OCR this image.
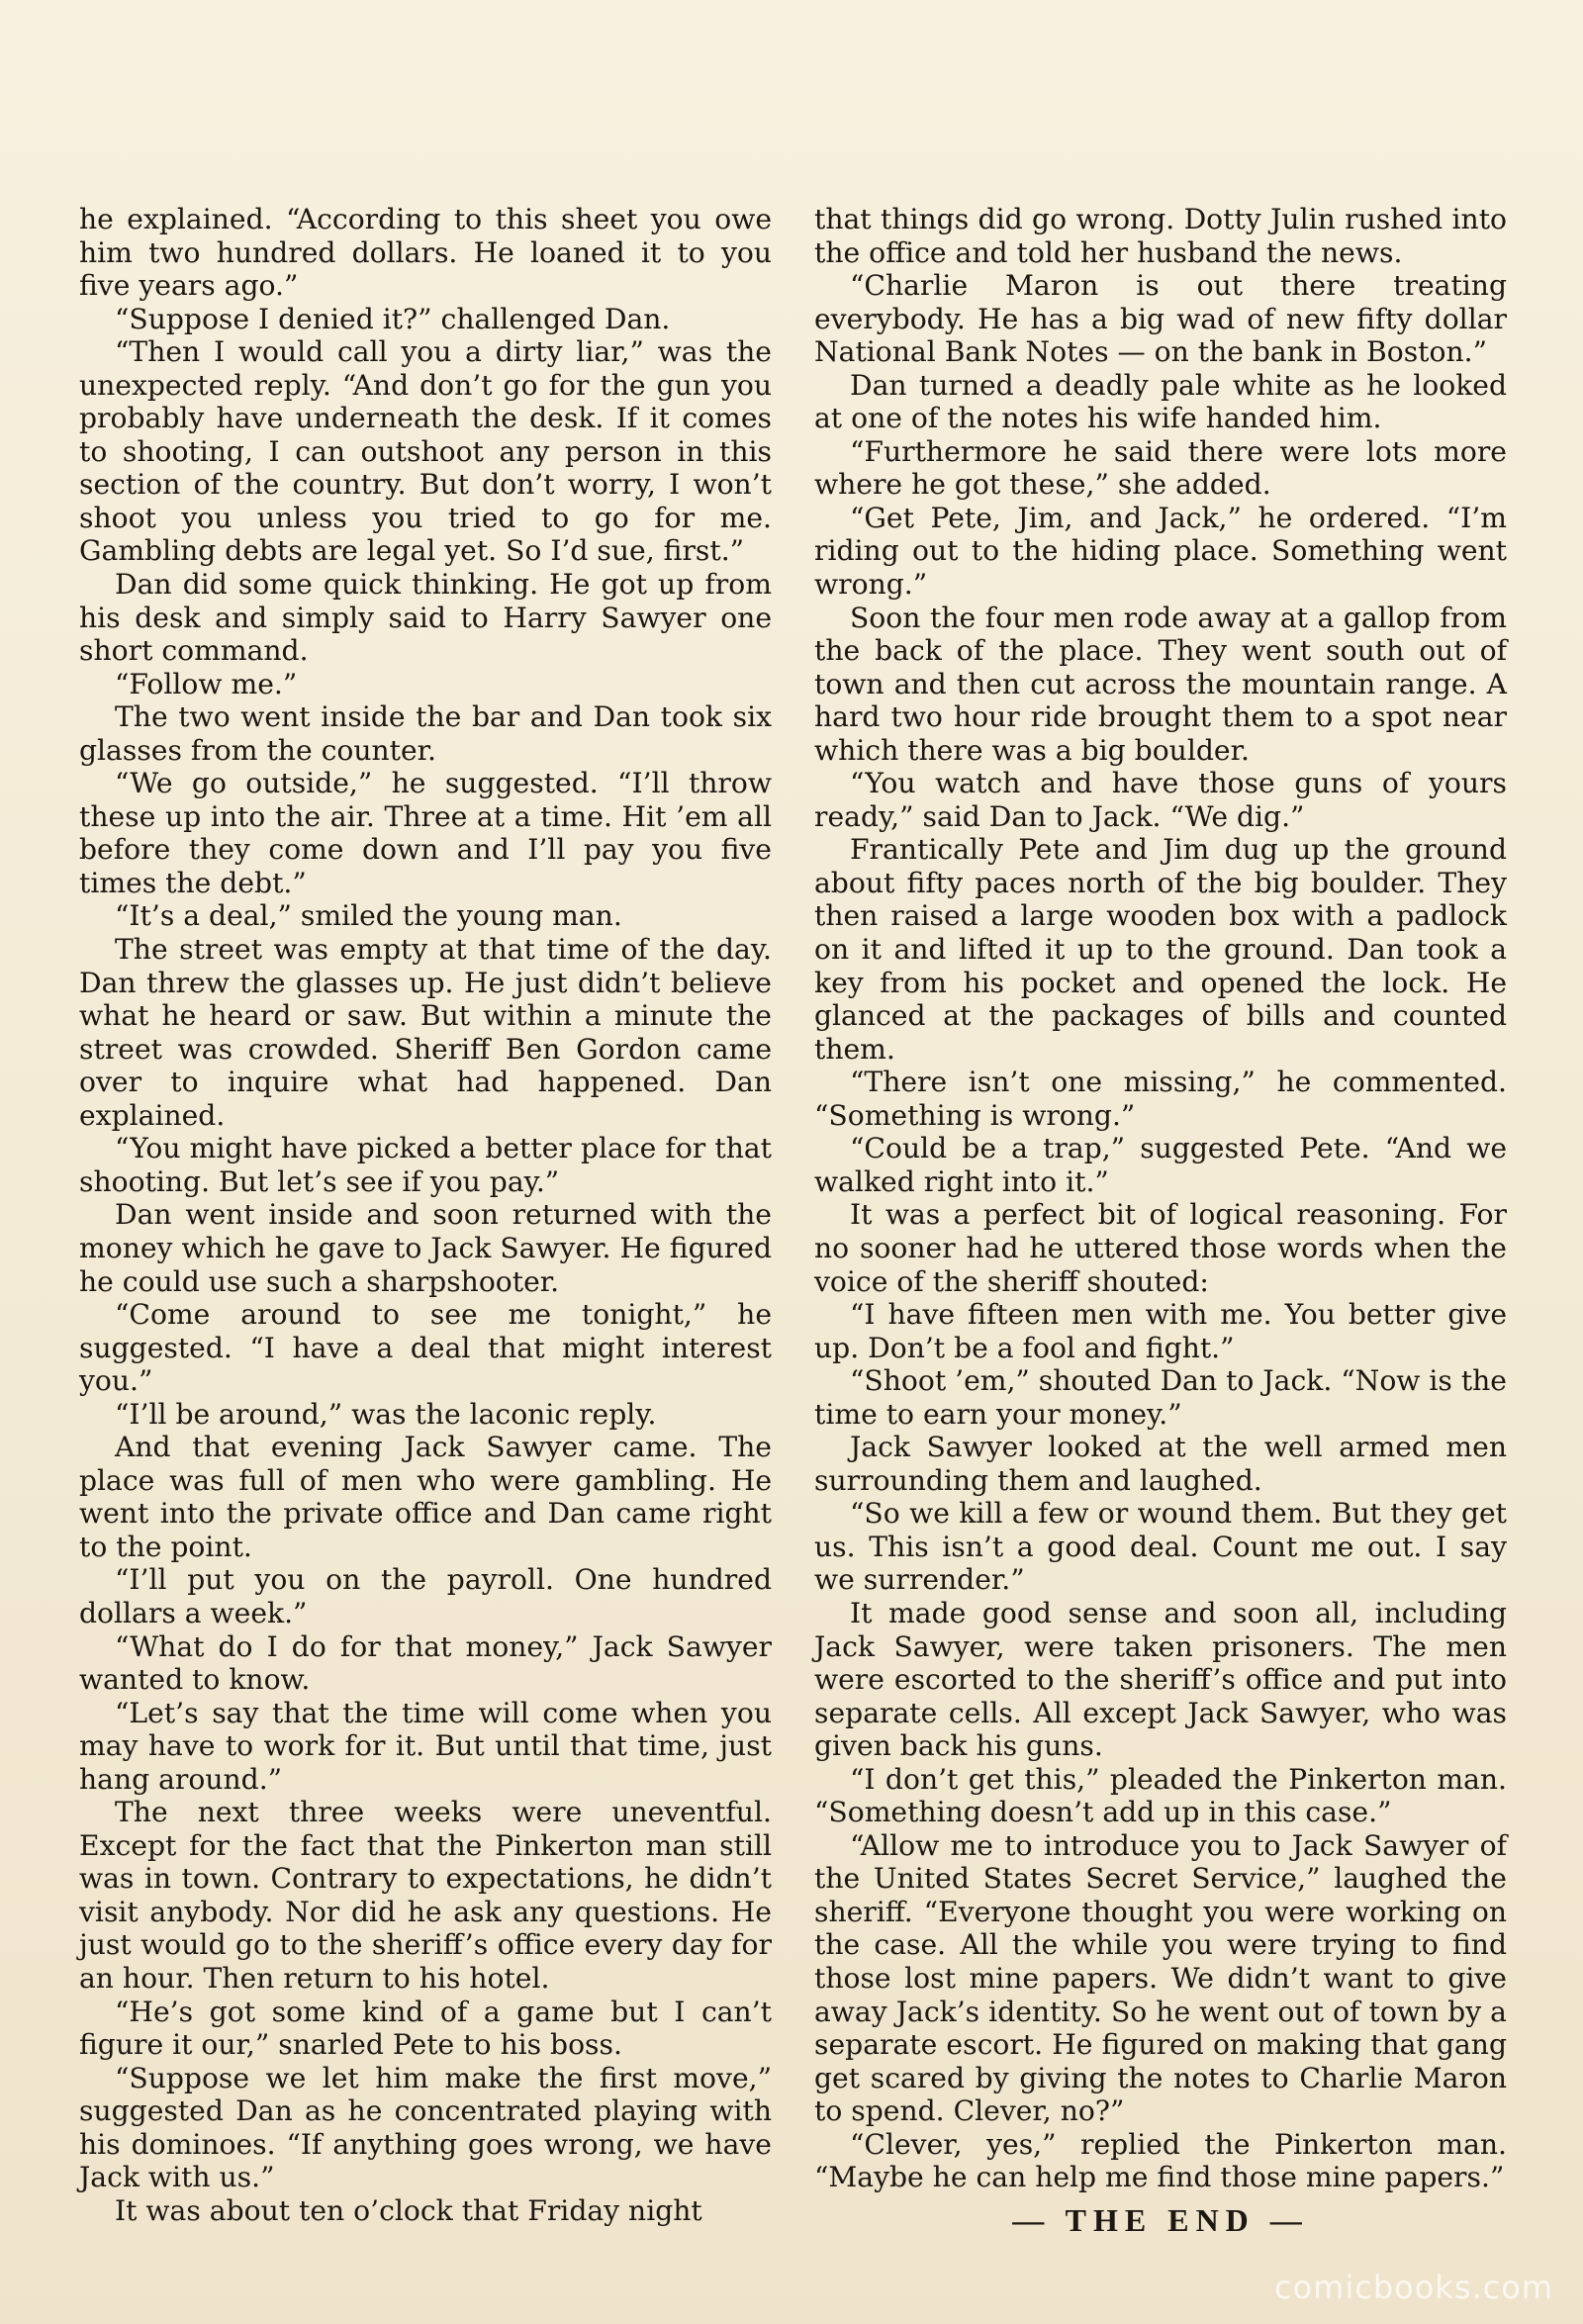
he explained. “According to this sheet you owe him two hundred dollars. He loaned it to you five years ago.”

“Suppose I denied it?” challenged Dan.

“Then I would call you a dirty liar,” was the unexpected reply. “And don’t go for the gun you probably have underneath the desk. If it comes to shooting, I can outshoot any person in this section of the country. But don’t worry, I won’t shoot you unless you tried to go for me. Gambling debts are legal yet. So I’d sue, first.”

Dan did some quick thinking. He got up from his desk and simply said to Harry Sawyer one short command.

“Follow me.”

The two went inside the bar and Dan took six glasses from the counter.

“We go outside,” he suggested. “I’ll throw these up into the air. Three at a time. Hit ’em all before they come down and I’ll pay you five times the debt.”

“It’s a deal,” smiled the young man.

The street was empty at that time of the day. Dan threw the glasses up. He just didn’t believe what he heard or saw. But within a minute the street was crowded. Sheriff Ben Gordon came over to inquire what had happened. Dan explained.

“You might have picked a better place for that shooting. But let’s see if you pay.”

Dan went inside and soon returned with the money which he gave to Jack Sawyer. He figured he could use such a sharpshooter.

“Come around to see me tonight,” he suggested. “I have a deal that might interest you.”

“I’ll be around,” was the laconic reply.

And that evening Jack Sawyer came. The place was full of men who were gambling. He went into the private office and Dan came right to the point.

“I’ll put you on the payroll. One hundred dollars a week.”

“What do I do for that money,” Jack Sawyer wanted to know.

“Let’s say that the time will come when you may have to work for it. But until that time, just hang around.”

The next three weeks were uneventful. Except for the fact that the Pinkerton man still was in town. Contrary to expectations, he didn’t visit anybody. Nor did he ask any questions. He just would go to the sheriff’s office every day for an hour. Then return to his hotel.

“He’s got some kind of a game but I can’t figure it our,” snarled Pete to his boss.

“Suppose we let him make the first move,” suggested Dan as he concentrated playing with his dominoes. “If anything goes wrong, we have Jack with us.”

It was about ten o’clock that Friday night

that things did go wrong. Dotty Julin rushed into the office and told her husband the news.

“Charlie Maron is out there treating everybody. He has a big wad of new fifty dollar National Bank Notes — on the bank in Boston.”

Dan turned a deadly pale white as he looked at one of the notes his wife handed him.

“Furthermore he said there were lots more where he got these,” she added.

“Get Pete, Jim, and Jack,” he ordered. “I’m riding out to the hiding place. Something went wrong.”

Soon the four men rode away at a gallop from the back of the place. They went south out of town and then cut across the mountain range. A hard two hour ride brought them to a spot near which there was a big boulder.

“You watch and have those guns of yours ready,” said Dan to Jack. “We dig.”

Frantically Pete and Jim dug up the ground about fifty paces north of the big boulder. They then raised a large wooden box with a padlock on it and lifted it up to the ground. Dan took a key from his pocket and opened the lock. He glanced at the packages of bills and counted them.

“There isn’t one missing,” he commented. “Something is wrong.”

“Could be a trap,” suggested Pete. “And we walked right into it.”

It was a perfect bit of logical reasoning. For no sooner had he uttered those words when the voice of the sheriff shouted:

“I have fifteen men with me. You better give up. Don’t be a fool and fight.”

“Shoot ’em,” shouted Dan to Jack. “Now is the time to earn your money.”

Jack Sawyer looked at the well armed men surrounding them and laughed.

“So we kill a few or wound them. But they get us. This isn’t a good deal. Count me out. I say we surrender.”

It made good sense and soon all, including Jack Sawyer, were taken prisoners. The men were escorted to the sheriff’s office and put into separate cells. All except Jack Sawyer, who was given back his guns.

“I don’t get this,” pleaded the Pinkerton man. “Something doesn’t add up in this case.”

“Allow me to introduce you to Jack Sawyer of the United States Secret Service,” laughed the sheriff. “Everyone thought you were working on the case. All the while you were trying to find those lost mine papers. We didn’t want to give away Jack’s identity. So he went out of town by a separate escort. He figured on making that gang get scared by giving the notes to Charlie Maron to spend. Clever, no?”

“Clever, yes,” replied the Pinkerton man. “Maybe he can help me find those mine papers.”

— THE END —

comicbooks.com
